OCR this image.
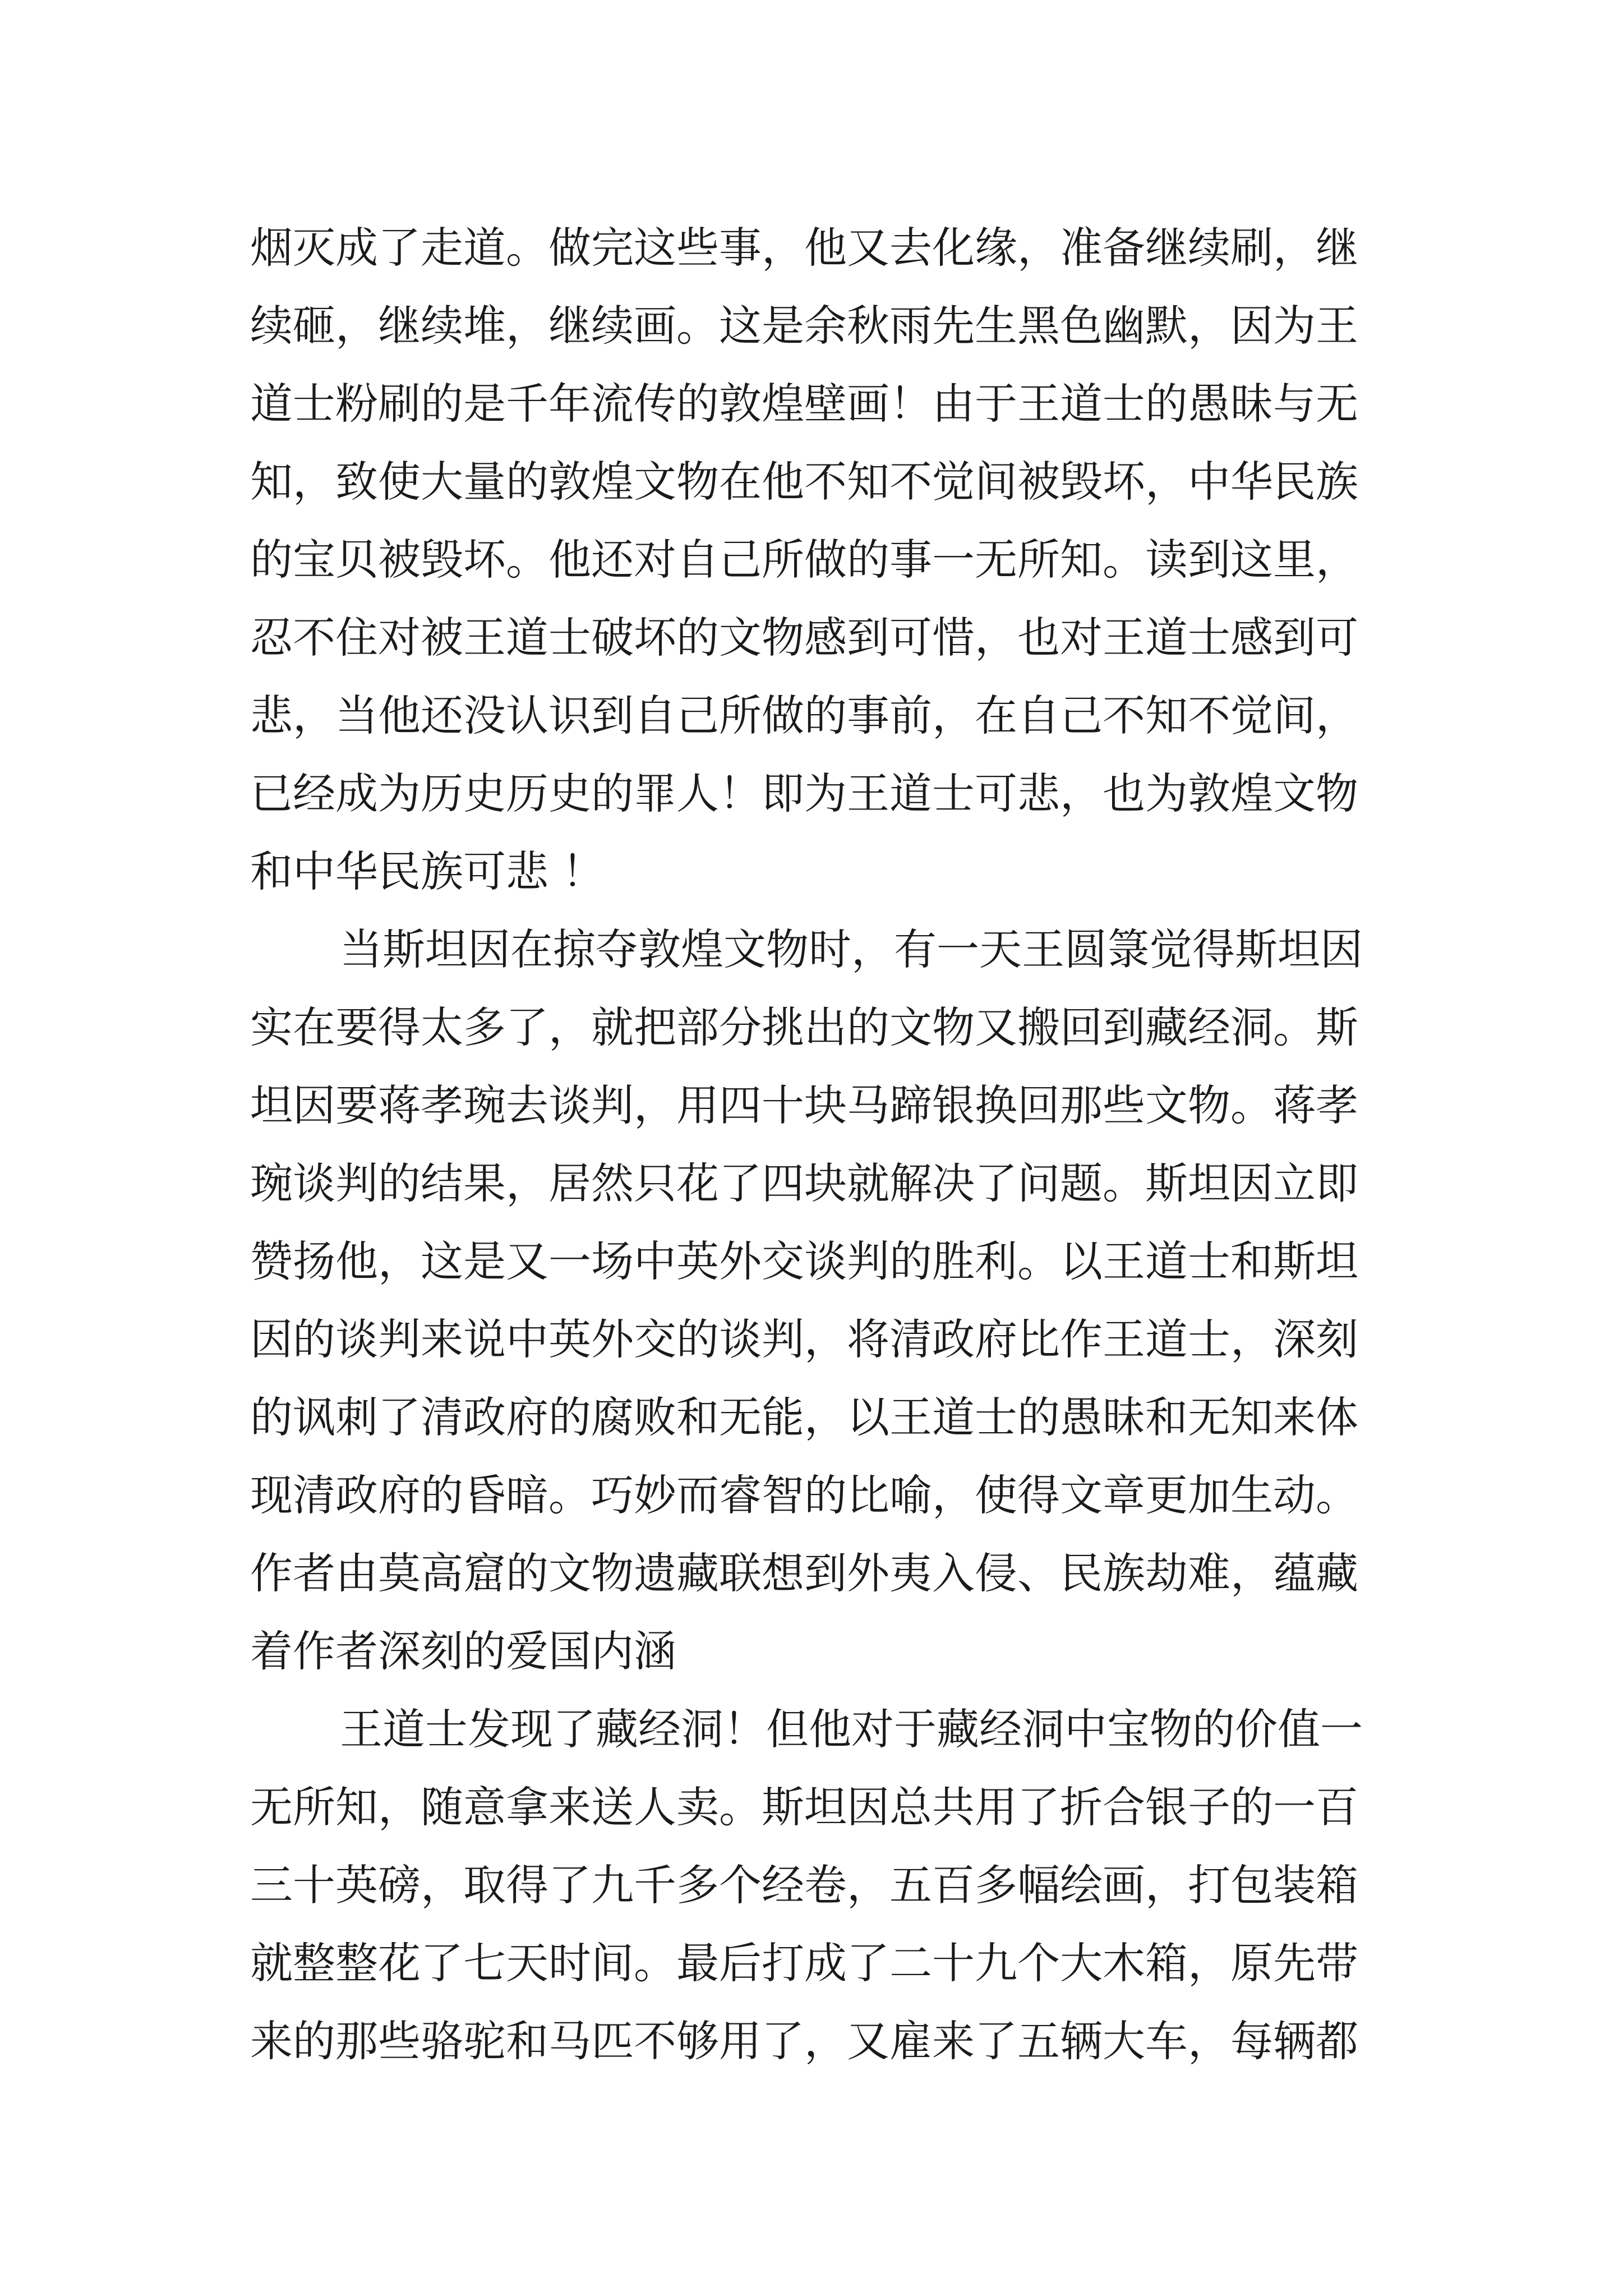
烟灭成了走道。做完这些事，他又去化缘，准备继续刷，继
续砸，继续堆，继续画。这是余秋雨先生黑色幽默，因为王
道士粉刷的是千年流传的敦煌壁画！由于王道士的愚昧与无
知，致使大量的敦煌文物在他不知不觉间被毁坏，中华民族
的宝贝被毁坏。他还对自己所做的事一无所知。读到这里，
忍不住对被王道士破坏的文物感到可惜，也对王道士感到可
悲，当他还没认识到自己所做的事前，在自己不知不觉间，
已经成为历史历史的罪人！即为王道士可悲，也为敦煌文物
和中华民族可悲 ！
当斯坦因在掠夺敦煌文物时，有一天王圆箓觉得斯坦因
实在要得太多了，就把部分挑出的文物又搬回到藏经洞。斯
坦因要蒋孝琬去谈判，用四十块马蹄银换回那些文物。蒋孝
琬谈判的结果，居然只花了四块就解决了问题。斯坦因立即
赞扬他，这是又一场中英外交谈判的胜利。以王道士和斯坦
因的谈判来说中英外交的谈判，将清政府比作王道士，深刻
的讽刺了清政府的腐败和无能，以王道士的愚昧和无知来体
现清政府的昏暗。巧妙而睿智的比喻，使得文章更加生动。
作者由莫高窟的文物遗藏联想到外夷入侵、民族劫难，蕴藏
着作者深刻的爱国内涵
王道士发现了藏经洞！但他对于藏经洞中宝物的价值一
无所知，随意拿来送人卖。斯坦因总共用了折合银子的一百
三十英磅，取得了九千多个经卷，五百多幅绘画，打包装箱
就整整花了七天时间。最后打成了二十九个大木箱，原先带
来的那些骆驼和马匹不够用了，又雇来了五辆大车，每辆都
